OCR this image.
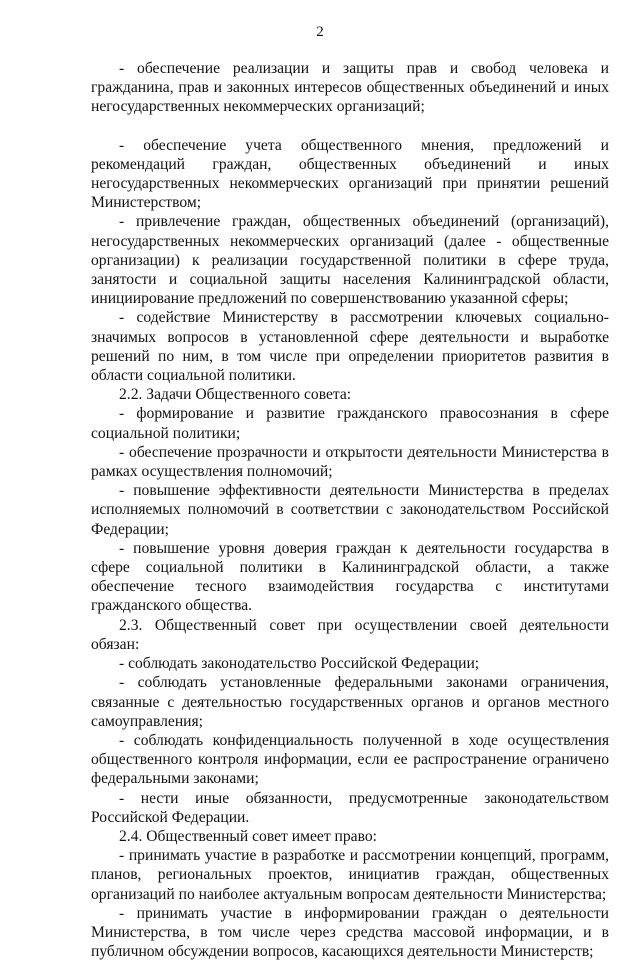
2

- обеспечение реализации и защиты прав и свобод человека и гражданина, прав и законных интересов общественных объединений и иных негосударственных некоммерческих организаций;

- обеспечение учета общественного мнения, предложений и рекомендаций граждан, общественных объединений и иных негосударственных некоммерческих организаций при принятии решений Министерством;

- привлечение граждан, общественных объединений (организаций), негосударственных некоммерческих организаций (далее - общественные организации) к реализации государственной политики в сфере труда, занятости и социальной защиты населения Калининградской области, инициирование предложений по совершенствованию указанной сферы;

- содействие Министерству в рассмотрении ключевых социально-значимых вопросов в установленной сфере деятельности и выработке решений по ним, в том числе при определении приоритетов развития в области социальной политики.

2.2. Задачи Общественного совета:

- формирование и развитие гражданского правосознания в сфере социальной политики;

- обеспечение прозрачности и открытости деятельности Министерства в рамках осуществления полномочий;

- повышение эффективности деятельности Министерства в пределах исполняемых полномочий в соответствии с законодательством Российской Федерации;

- повышение уровня доверия граждан к деятельности государства в сфере социальной политики в Калининградской области, а также обеспечение тесного взаимодействия государства с институтами гражданского общества.

2.3. Общественный совет при осуществлении своей деятельности обязан:

- соблюдать законодательство Российской Федерации;

- соблюдать установленные федеральными законами ограничения, связанные с деятельностью государственных органов и органов местного самоуправления;

- соблюдать конфиденциальность полученной в ходе осуществления общественного контроля информации, если ее распространение ограничено федеральными законами;

- нести иные обязанности, предусмотренные законодательством Российской Федерации.

2.4. Общественный совет имеет право:

- принимать участие в разработке и рассмотрении концепций, программ, планов, региональных проектов, инициатив граждан, общественных организаций по наиболее актуальным вопросам деятельности Министерства;

- принимать участие в информировании граждан о деятельности Министерства, в том числе через средства массовой информации, и в публичном обсуждении вопросов, касающихся деятельности Министерств;
